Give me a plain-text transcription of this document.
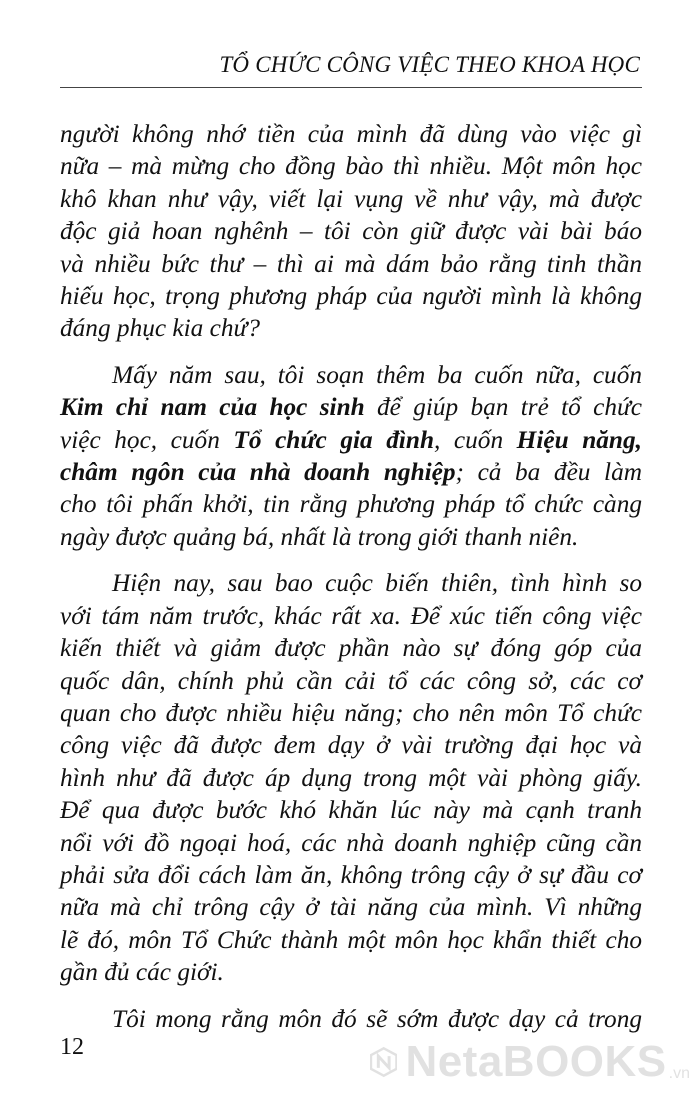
TỔ CHỨC CÔNG VIỆC THEO KHOA HỌC
người không nhớ tiền của mình đã dùng vào việc gì
nữa – mà mừng cho đồng bào thì nhiều. Một môn học
khô khan như vậy, viết lại vụng về như vậy, mà được
độc giả hoan nghênh – tôi còn giữ được vài bài báo
và nhiều bức thư – thì ai mà dám bảo rằng tinh thần
hiếu học, trọng phương pháp của người mình là không
đáng phục kia chứ?
Mấy năm sau, tôi soạn thêm ba cuốn nữa, cuốn
Kim chỉ nam của học sinh để giúp bạn trẻ tổ chức
việc học, cuốn Tổ chức gia đình, cuốn Hiệu năng,
châm ngôn của nhà doanh nghiệp; cả ba đều làm
cho tôi phấn khởi, tin rằng phương pháp tổ chức càng
ngày được quảng bá, nhất là trong giới thanh niên.
Hiện nay, sau bao cuộc biến thiên, tình hình so
với tám năm trước, khác rất xa. Để xúc tiến công việc
kiến thiết và giảm được phần nào sự đóng góp của
quốc dân, chính phủ cần cải tổ các công sở, các cơ
quan cho được nhiều hiệu năng; cho nên môn Tổ chức
công việc đã được đem dạy ở vài trường đại học và
hình như đã được áp dụng trong một vài phòng giấy.
Để qua được bước khó khăn lúc này mà cạnh tranh
nổi với đồ ngoại hoá, các nhà doanh nghiệp cũng cần
phải sửa đổi cách làm ăn, không trông cậy ở sự đầu cơ
nữa mà chỉ trông cậy ở tài năng của mình. Vì những
lẽ đó, môn Tổ Chức thành một môn học khẩn thiết cho
gần đủ các giới.
Tôi mong rằng môn đó sẽ sớm được dạy cả trong
12	NetaBOOKS .vn
